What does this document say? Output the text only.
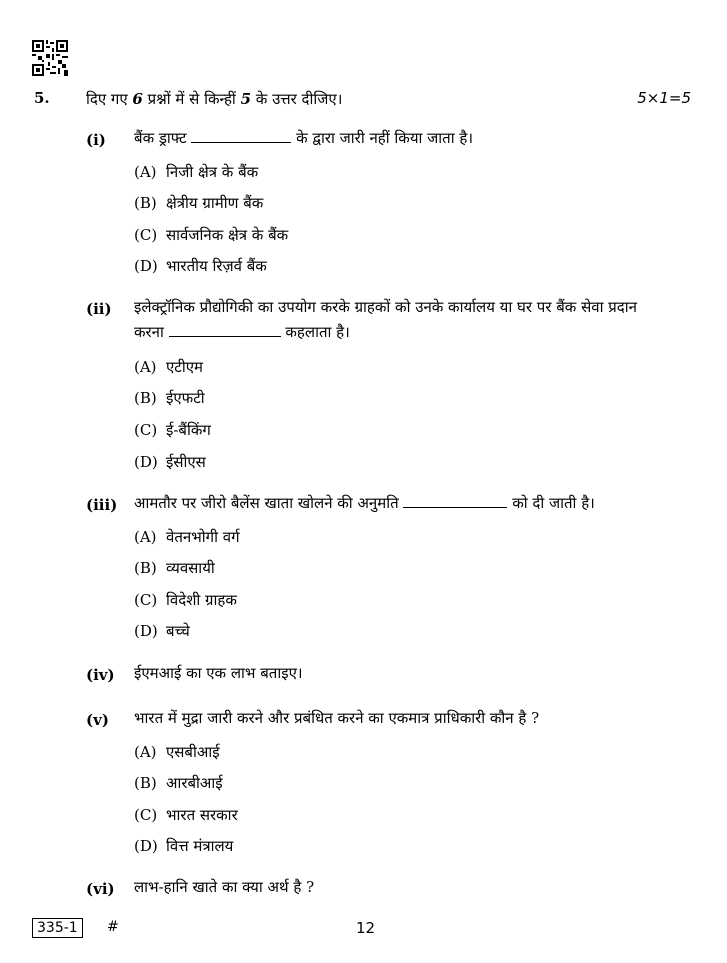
5. दिए गए 6 प्रश्नों में से किन्हीं 5 के उत्तर दीजिए।	5×1=5
(i) बैंक ड्राफ्ट	के द्वारा जारी नहीं किया जाता है।
(A) निजी क्षेत्र के बैंक
(B) क्षेत्रीय ग्रामीण बैंक
(C) सार्वजनिक क्षेत्र के बैंक
(D) भारतीय रिज़र्व बैंक
(ii) इलेक्ट्रॉनिक प्रौद्योगिकी का उपयोग करके ग्राहकों को उनके कार्यालय या घर पर बैंक सेवा प्रदान करना	कहलाता है।
(A) एटीएम
(B) ईएफटी
(C) ई-बैंकिंग
(D) ईसीएस
(iii) आमतौर पर जीरो बैलेंस खाता खोलने की अनुमति	को दी जाती है।
(A) वेतनभोगी वर्ग
(B) व्यवसायी
(C) विदेशी ग्राहक
(D) बच्चे
(iv) ईएमआई का एक लाभ बताइए।
(v) भारत में मुद्रा जारी करने और प्रबंधित करने का एकमात्र प्राधिकारी कौन है ?
(A) एसबीआई
(B) आरबीआई
(C) भारत सरकार
(D) वित्त मंत्रालय
(vi) लाभ-हानि खाते का क्या अर्थ है ?
335-1	#	12
